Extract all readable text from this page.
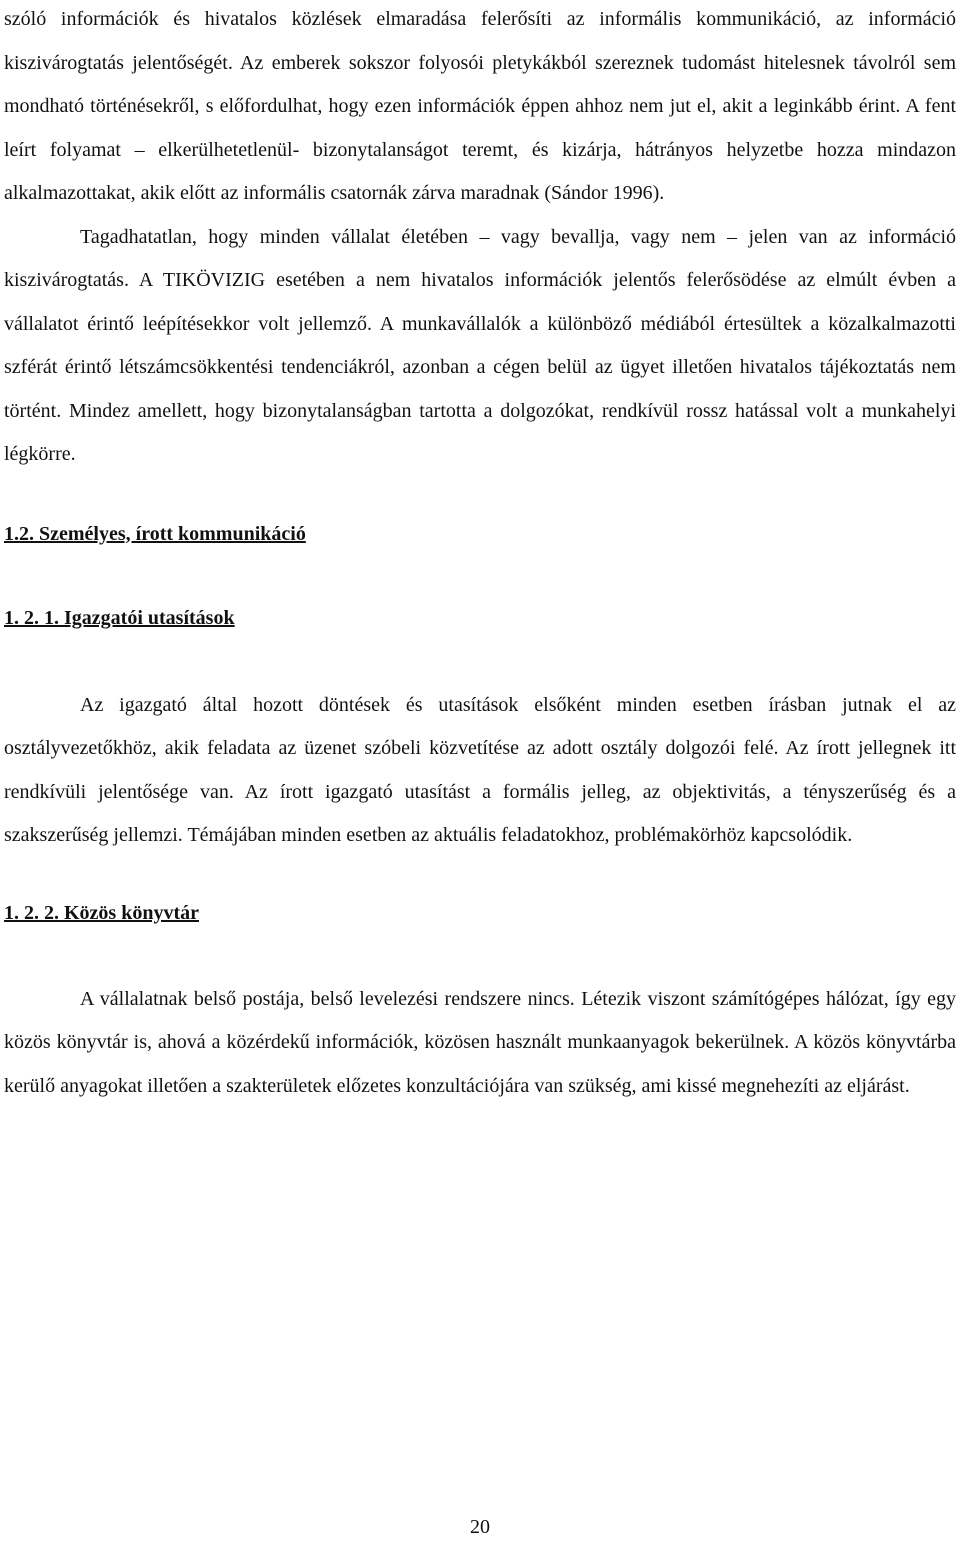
szóló információk és hivatalos közlések elmaradása felerősíti az informális kommunikáció, az információ kiszivárogtatás jelentőségét. Az emberek sokszor folyosói pletykákból szereznek tudomást hitelesnek távolról sem mondható történésekről, s előfordulhat, hogy ezen információk éppen ahhoz nem jut el, akit a leginkább érint. A fent leírt folyamat – elkerülhetetlenül- bizonytalanságot teremt, és kizárja, hátrányos helyzetbe hozza mindazon alkalmazottakat, akik előtt az informális csatornák zárva maradnak (Sándor 1996).

Tagadhatatlan, hogy minden vállalat életében – vagy bevallja, vagy nem – jelen van az információ kiszivárogtatás. A TIKÖVIZIG esetében a nem hivatalos információk jelentős felerősödése az elmúlt évben a vállalatot érintő leépítésekkor volt jellemző. A munkavállalók a különböző médiából értesültek a közalkalmazotti szférát érintő létszámcsökkentési tendenciákról, azonban a cégen belül az ügyet illetően hivatalos tájékoztatás nem történt. Mindez amellett, hogy bizonytalanságban tartotta a dolgozókat, rendkívül rossz hatással volt a munkahelyi légkörre.

1.2. Személyes, írott kommunikáció
1. 2. 1. Igazgatói utasítások

Az igazgató által hozott döntések és utasítások elsőként minden esetben írásban jutnak el az osztályvezetőkhöz, akik feladata az üzenet szóbeli közvetítése az adott osztály dolgozói felé. Az írott jellegnek itt rendkívüli jelentősége van. Az írott igazgató utasítást a formális jelleg, az objektivitás, a tényszerűség és a szakszerűség jellemzi. Témájában minden esetben az aktuális feladatokhoz, problémakörhöz kapcsolódik.

1. 2. 2. Közös könyvtár

A vállalatnak belső postája, belső levelezési rendszere nincs. Létezik viszont számítógépes hálózat, így egy közös könyvtár is, ahová a közérdekű információk, közösen használt munkaanyagok bekerülnek. A közös könyvtárba kerülő anyagokat illetően a szakterületek előzetes konzultációjára van szükség, ami kissé megnehezíti az eljárást.

20
